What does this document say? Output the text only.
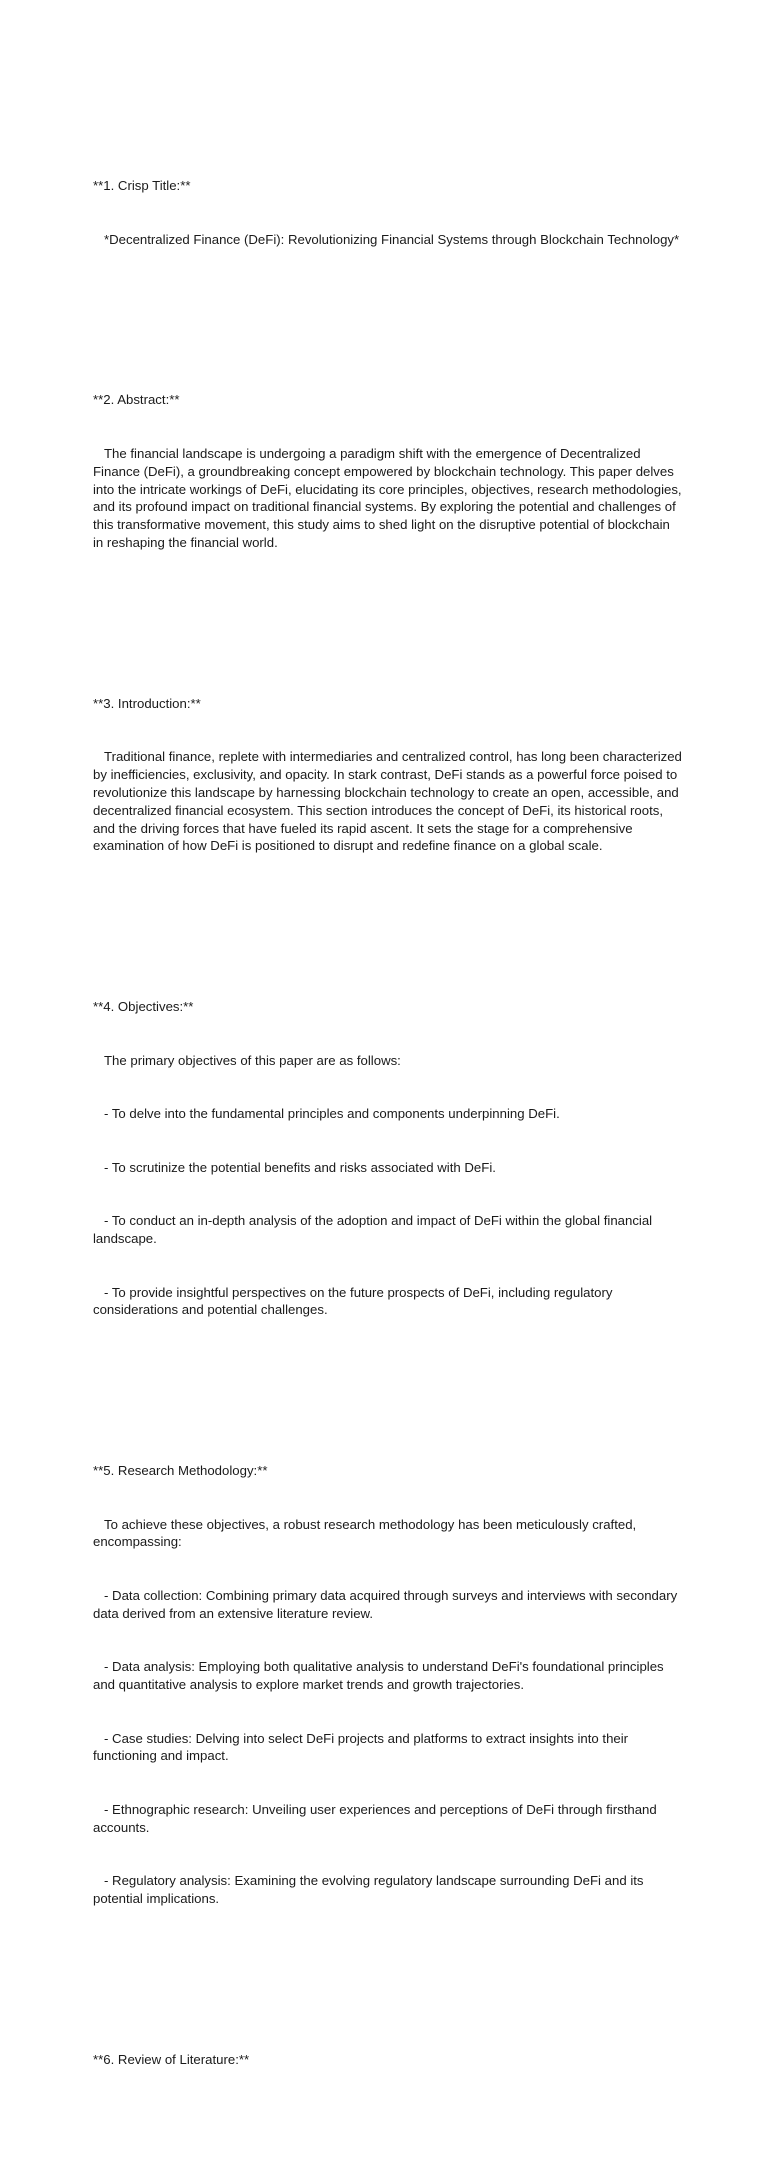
**1. Crisp Title:**

*Decentralized Finance (DeFi): Revolutionizing Financial Systems through Blockchain Technology*

**2. Abstract:**

The financial landscape is undergoing a paradigm shift with the emergence of Decentralized Finance (DeFi), a groundbreaking concept empowered by blockchain technology. This paper delves into the intricate workings of DeFi, elucidating its core principles, objectives, research methodologies, and its profound impact on traditional financial systems. By exploring the potential and challenges of this transformative movement, this study aims to shed light on the disruptive potential of blockchain in reshaping the financial world.

**3. Introduction:**

Traditional finance, replete with intermediaries and centralized control, has long been characterized by inefficiencies, exclusivity, and opacity. In stark contrast, DeFi stands as a powerful force poised to revolutionize this landscape by harnessing blockchain technology to create an open, accessible, and decentralized financial ecosystem. This section introduces the concept of DeFi, its historical roots, and the driving forces that have fueled its rapid ascent. It sets the stage for a comprehensive examination of how DeFi is positioned to disrupt and redefine finance on a global scale.

**4. Objectives:**

The primary objectives of this paper are as follows:

- To delve into the fundamental principles and components underpinning DeFi.

- To scrutinize the potential benefits and risks associated with DeFi.

- To conduct an in-depth analysis of the adoption and impact of DeFi within the global financial landscape.

- To provide insightful perspectives on the future prospects of DeFi, including regulatory considerations and potential challenges.

**5. Research Methodology:**

To achieve these objectives, a robust research methodology has been meticulously crafted, encompassing:

- Data collection: Combining primary data acquired through surveys and interviews with secondary data derived from an extensive literature review.

- Data analysis: Employing both qualitative analysis to understand DeFi's foundational principles and quantitative analysis to explore market trends and growth trajectories.

- Case studies: Delving into select DeFi projects and platforms to extract insights into their functioning and impact.

- Ethnographic research: Unveiling user experiences and perceptions of DeFi through firsthand accounts.

- Regulatory analysis: Examining the evolving regulatory landscape surrounding DeFi and its potential implications.

**6. Review of Literature:**
